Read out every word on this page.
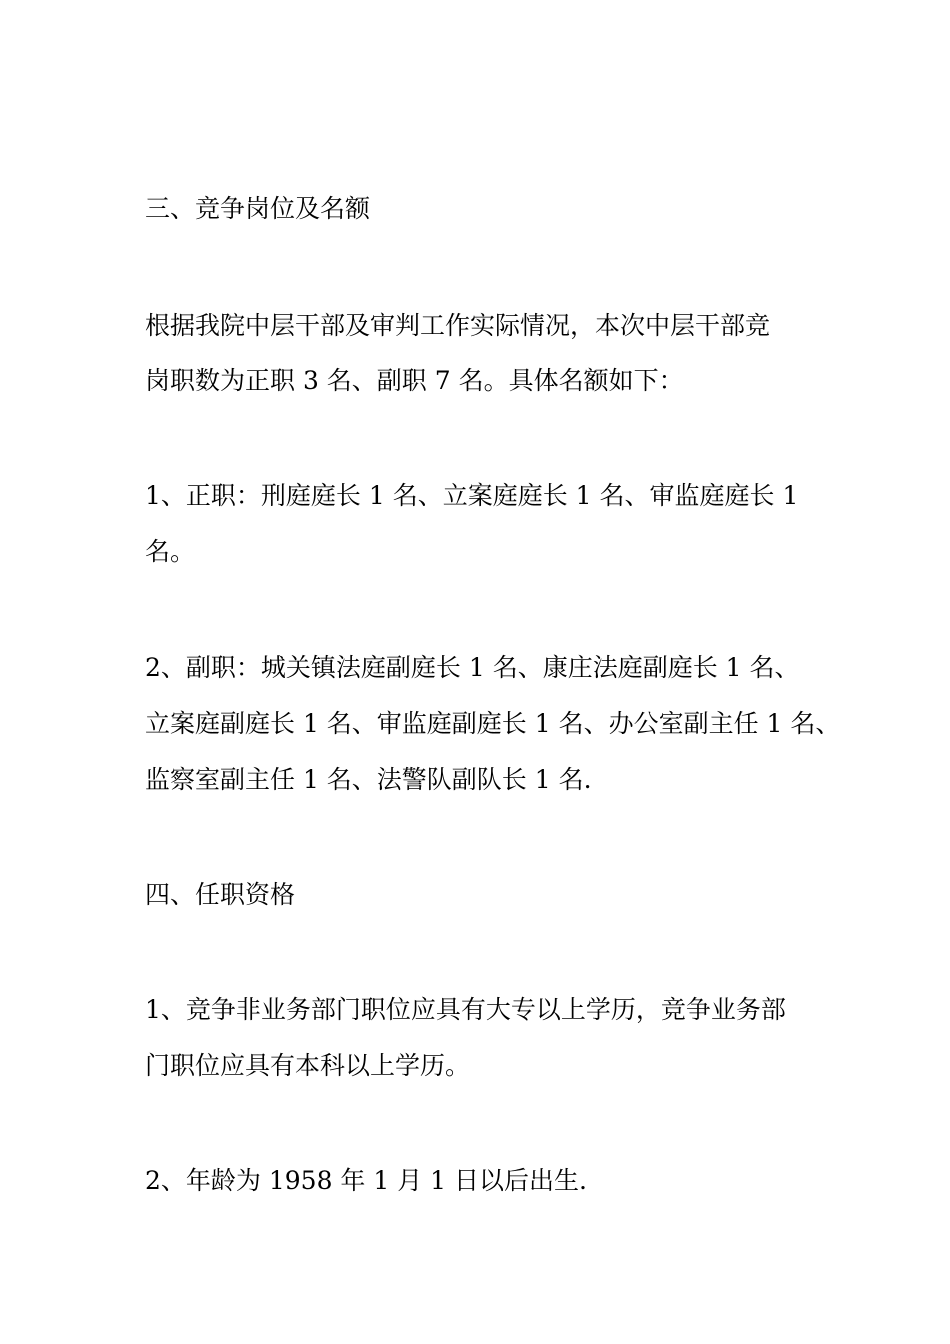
三、竞争岗位及名额
根据我院中层干部及审判工作实际情况，本次中层干部竞
岗职数为正职 3 名、副职 7 名。具体名额如下：
1、正职：刑庭庭长 1 名、立案庭庭长 1 名、审监庭庭长 1
名。
2、副职：城关镇法庭副庭长 1 名、康庄法庭副庭长 1 名、
立案庭副庭长 1 名、审监庭副庭长 1 名、办公室副主任 1 名、
监察室副主任 1 名、法警队副队长 1 名.
四、任职资格
1、竞争非业务部门职位应具有大专以上学历，竞争业务部
门职位应具有本科以上学历。
2、年龄为 1958 年 1 月 1 日以后出生.
